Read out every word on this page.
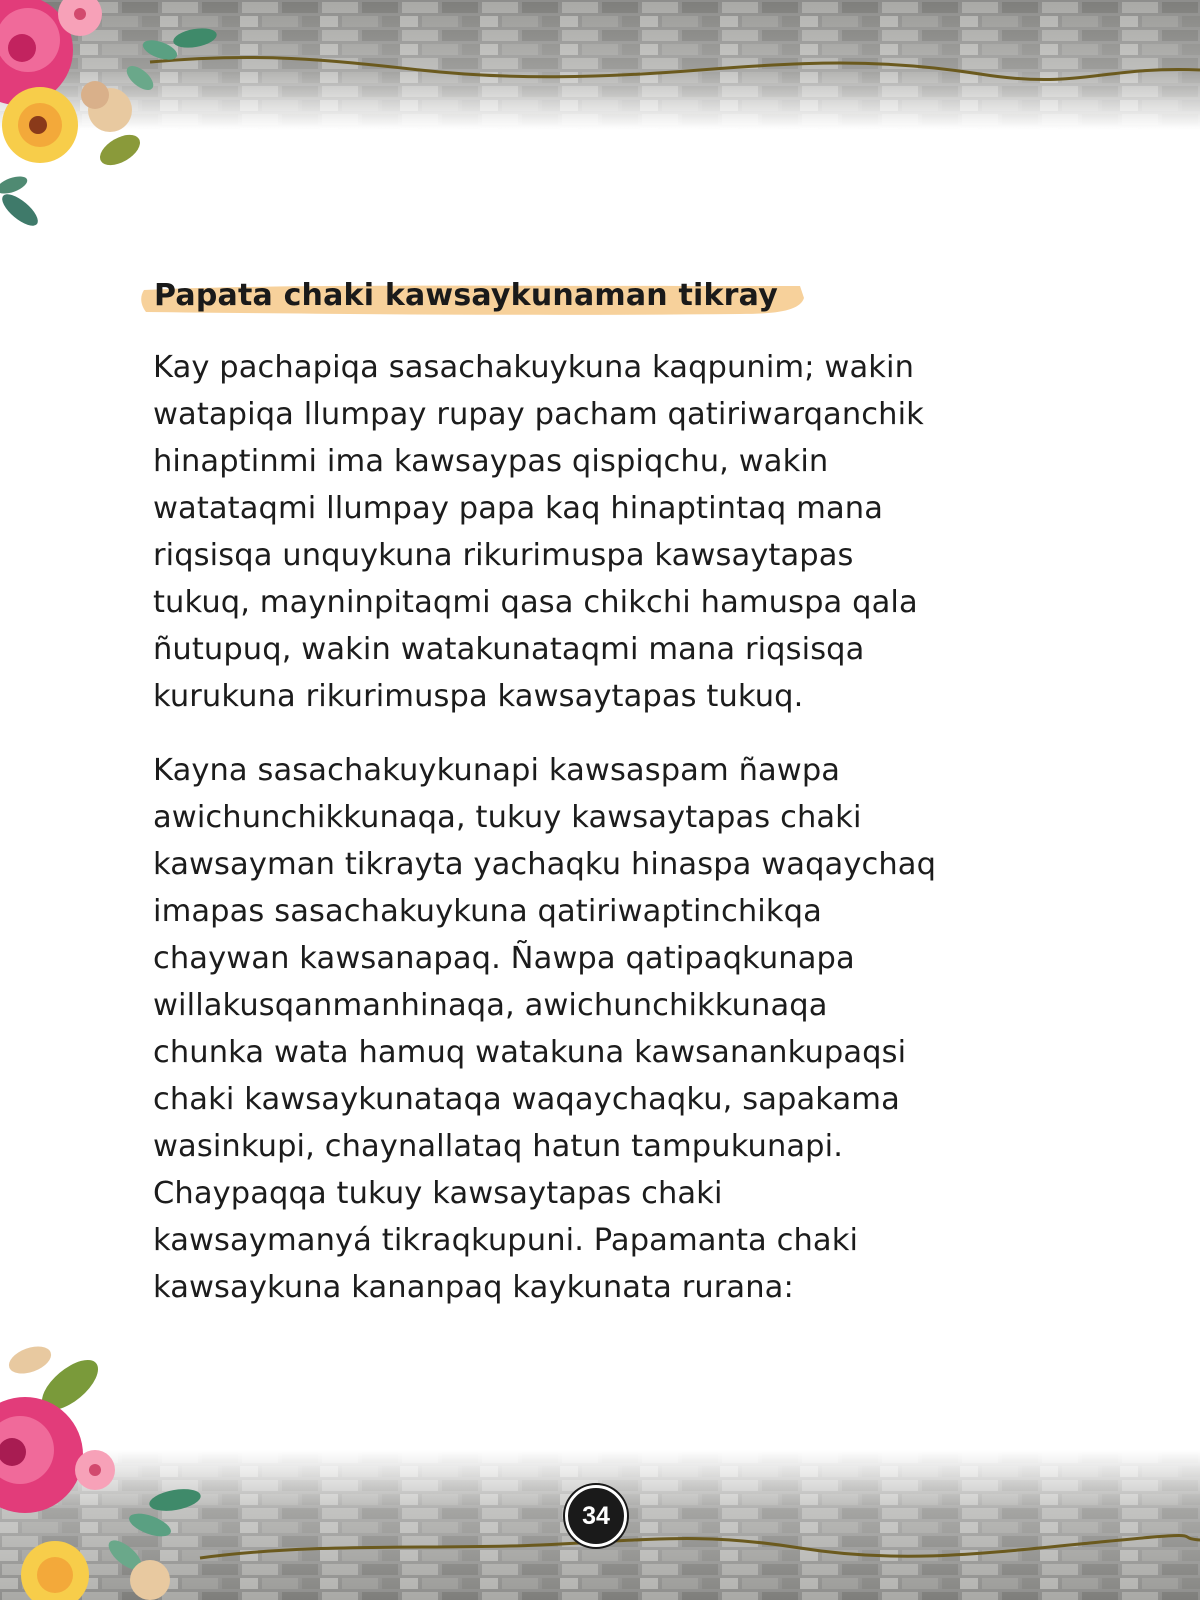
Papata chaki kawsaykunaman tikray

Kay pachapiqa sasachakuykuna kaqpunim; wakin
watapiqa llumpay rupay pacham qatiriwarqanchik
hinaptinmi ima kawsaypas qispiqchu, wakin
watataqmi llumpay papa kaq hinaptintaq mana
riqsisqa unquykuna rikurimuspa kawsaytapas
tukuq, mayninpitaqmi qasa chikchi hamuspa qala
ñutupuq, wakin watakunataqmi mana riqsisqa
kurukuna rikurimuspa kawsaytapas tukuq.

Kayna sasachakuykunapi kawsaspam ñawpa
awichunchikkunaqa, tukuy kawsaytapas chaki
kawsayman tikrayta yachaqku hinaspa waqaychaq
imapas sasachakuykuna qatiriwaptinchikqa
chaywan kawsanapaq. Ñawpa qatipaqkunapa
willakusqanmanhinaqa, awichunchikkunaqa
chunka wata hamuq watakuna kawsanankupaqsi
chaki kawsaykunataqa waqaychaqku, sapakama
wasinkupi, chaynallataq hatun tampukunapi.
Chaypaqqa tukuy kawsaytapas chaki
kawsaymanyá tikraqkupuni. Papamanta chaki
kawsaykuna kananpaq kaykunata rurana:

34
